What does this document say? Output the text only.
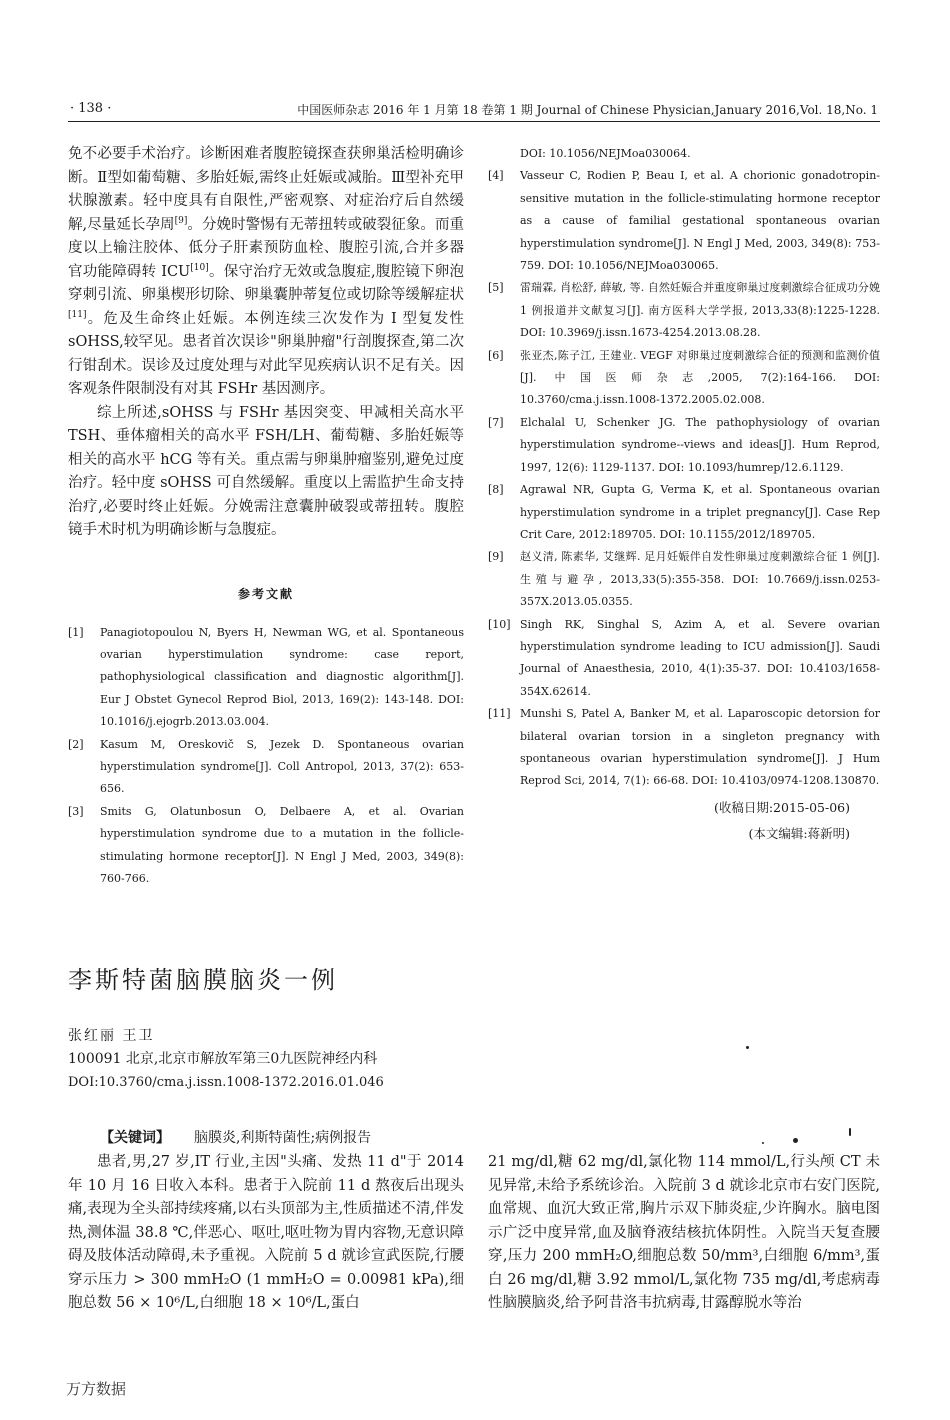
· 138 ·	中国医师杂志 2016 年 1 月第 18 卷第 1 期 Journal of Chinese Physician,January 2016,Vol. 18,No. 1

免不必要手术治疗。诊断困难者腹腔镜探查获卵巢活检明确诊断。Ⅱ型如葡萄糖、多胎妊娠,需终止妊娠或减胎。Ⅲ型补充甲状腺激素。轻中度具有自限性,严密观察、对症治疗后自然缓解,尽量延长孕周[9]。分娩时警惕有无蒂扭转或破裂征象。而重度以上输注胶体、低分子肝素预防血栓、腹腔引流,合并多器官功能障碍转 ICU[10]。保守治疗无效或急腹症,腹腔镜下卵泡穿刺引流、卵巢楔形切除、卵巢囊肿蒂复位或切除等缓解症状[11]。危及生命终止妊娠。本例连续三次发作为 I 型复发性 sOHSS,较罕见。患者首次误诊"卵巢肿瘤"行剖腹探查,第二次行钳刮术。误诊及过度处理与对此罕见疾病认识不足有关。因客观条件限制没有对其 FSHr 基因测序。

综上所述,sOHSS 与 FSHr 基因突变、甲减相关高水平 TSH、垂体瘤相关的高水平 FSH/LH、葡萄糖、多胎妊娠等相关的高水平 hCG 等有关。重点需与卵巢肿瘤鉴别,避免过度治疗。轻中度 sOHSS 可自然缓解。重度以上需监护生命支持治疗,必要时终止妊娠。分娩需注意囊肿破裂或蒂扭转。腹腔镜手术时机为明确诊断与急腹症。

参考文献
[1]	Panagiotopoulou N, Byers H, Newman WG, et al. Spontaneous ovarian hyperstimulation syndrome: case report, pathophysiological classification and diagnostic algorithm[J]. Eur J Obstet Gynecol Reprod Biol, 2013, 169(2): 143-148. DOI: 10.1016/j.ejogrb.2013.03.004.
[2]	Kasum M, Oreskovič S, Jezek D. Spontaneous ovarian hyperstimulation syndrome[J]. Coll Antropol, 2013, 37(2): 653-656.
[3]	Smits G, Olatunbosun O, Delbaere A, et al. Ovarian hyperstimulation syndrome due to a mutation in the follicle-stimulating hormone receptor[J]. N Engl J Med, 2003, 349(8): 760-766.
DOI: 10.1056/NEJMoa030064.
[4]	Vasseur C, Rodien P, Beau I, et al. A chorionic gonadotropin-sensitive mutation in the follicle-stimulating hormone receptor as a cause of familial gestational spontaneous ovarian hyperstimulation syndrome[J]. N Engl J Med, 2003, 349(8): 753-759. DOI: 10.1056/NEJMoa030065.
[5]	雷瑞霖, 肖松舒, 薛敏, 等. 自然妊娠合并重度卵巢过度刺激综合征成功分娩 1 例报道并文献复习[J]. 南方医科大学学报, 2013,33(8):1225-1228. DOI: 10.3969/j.issn.1673-4254.2013.08.28.
[6]	张亚杰,陈子江, 王建业. VEGF 对卵巢过度刺激综合征的预测和监测价值[J]. 中国医师杂志,2005, 7(2):164-166. DOI: 10.3760/cma.j.issn.1008-1372.2005.02.008.
[7]	Elchalal U, Schenker JG. The pathophysiology of ovarian hyperstimulation syndrome--views and ideas[J]. Hum Reprod, 1997, 12(6): 1129-1137. DOI: 10.1093/humrep/12.6.1129.
[8]	Agrawal NR, Gupta G, Verma K, et al. Spontaneous ovarian hyperstimulation syndrome in a triplet pregnancy[J]. Case Rep Crit Care, 2012:189705. DOI: 10.1155/2012/189705.
[9]	赵义清, 陈素华, 艾继辉. 足月妊娠伴自发性卵巢过度刺激综合征 1 例[J]. 生殖与避孕, 2013,33(5):355-358. DOI: 10.7669/j.issn.0253-357X.2013.05.0355.
[10] Singh RK, Singhal S, Azim A, et al. Severe ovarian hyperstimulation syndrome leading to ICU admission[J]. Saudi Journal of Anaesthesia, 2010, 4(1):35-37. DOI: 10.4103/1658-354X.62614.
[11] Munshi S, Patel A, Banker M, et al. Laparoscopic detorsion for bilateral ovarian torsion in a singleton pregnancy with spontaneous ovarian hyperstimulation syndrome[J]. J Hum Reprod Sci, 2014, 7(1): 66-68. DOI: 10.4103/0974-1208.130870.
(收稿日期:2015-05-06)
(本文编辑:蒋新明)
李斯特菌脑膜脑炎一例
张红丽 王卫
100091 北京,北京市解放军第三0九医院神经内科
DOI:10.3760/cma.j.issn.1008-1372.2016.01.046
【关键词】 脑膜炎,利斯特菌性;病例报告

患者,男,27 岁,IT 行业,主因"头痛、发热 11 d"于 2014 年 10 月 16 日收入本科。患者于入院前 11 d 熬夜后出现头痛,表现为全头部持续疼痛,以右头顶部为主,性质描述不清,伴发热,测体温 38.8 ℃,伴恶心、呕吐,呕吐物为胃内容物,无意识障碍及肢体活动障碍,未予重视。入院前 5 d 就诊宣武医院,行腰穿示压力 > 300 mmH₂O (1 mmH₂O = 0.00981 kPa),细胞总数 56 × 10⁶/L,白细胞 18 × 10⁶/L,蛋白

21 mg/dl,糖 62 mg/dl,氯化物 114 mmol/L,行头颅 CT 未见异常,未给予系统诊治。入院前 3 d 就诊北京市右安门医院,血常规、血沉大致正常,胸片示双下肺炎症,少许胸水。脑电图示广泛中度异常,血及脑脊液结核抗体阴性。入院当天复查腰穿,压力 200 mmH₂O,细胞总数 50/mm³,白细胞 6/mm³,蛋白 26 mg/dl,糖 3.92 mmol/L,氯化物 735 mg/dl,考虑病毒性脑膜脑炎,给予阿昔洛韦抗病毒,甘露醇脱水等治

万方数据
